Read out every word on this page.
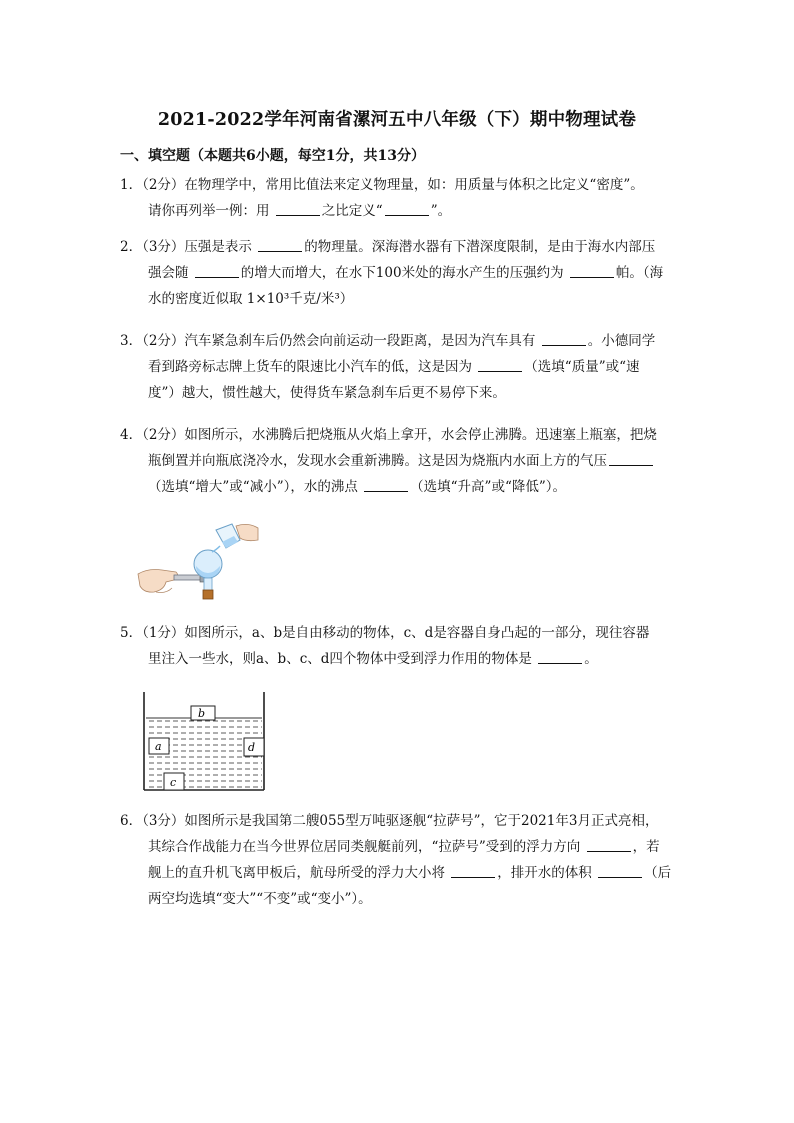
2021-2022学年河南省漯河五中八年级（下）期中物理试卷
一、填空题（本题共6小题，每空1分，共13分）
1．（2分）在物理学中，常用比值法来定义物理量，如：用质量与体积之比定义“密度”。
请你再列举一例：用	之比定义“	”。
2．（3分）压强是表示	的物理量。深海潜水器有下潜深度限制，是由于海水内部压
强会随	的增大而增大，在水下100米处的海水产生的压强约为	帕。（海
水的密度近似取 1×10³千克/米³）
3．（2分）汽车紧急刹车后仍然会向前运动一段距离，是因为汽车具有	。小德同学
看到路旁标志牌上货车的限速比小汽车的低，这是因为	（选填“质量”或“速
度”）越大，惯性越大，使得货车紧急刹车后更不易停下来。
4．（2分）如图所示，水沸腾后把烧瓶从火焰上拿开，水会停止沸腾。迅速塞上瓶塞，把烧
瓶倒置并向瓶底浇冷水，发现水会重新沸腾。这是因为烧瓶内水面上方的气压
（选填“增大”或“减小”），水的沸点	（选填“升高”或“降低”）。
5．（1分）如图所示，a、b是自由移动的物体，c、d是容器自身凸起的一部分，现往容器
里注入一些水，则a、b、c、d四个物体中受到浮力作用的物体是	。
c
d
a
b
6．（3分）如图所示是我国第二艘055型万吨驱逐舰“拉萨号”，它于2021年3月正式亮相，
其综合作战能力在当今世界位居同类舰艇前列，“拉萨号”受到的浮力方向	，若
舰上的直升机飞离甲板后，航母所受的浮力大小将	，排开水的体积	（后
两空均选填“变大”“不变”或“变小”）。
